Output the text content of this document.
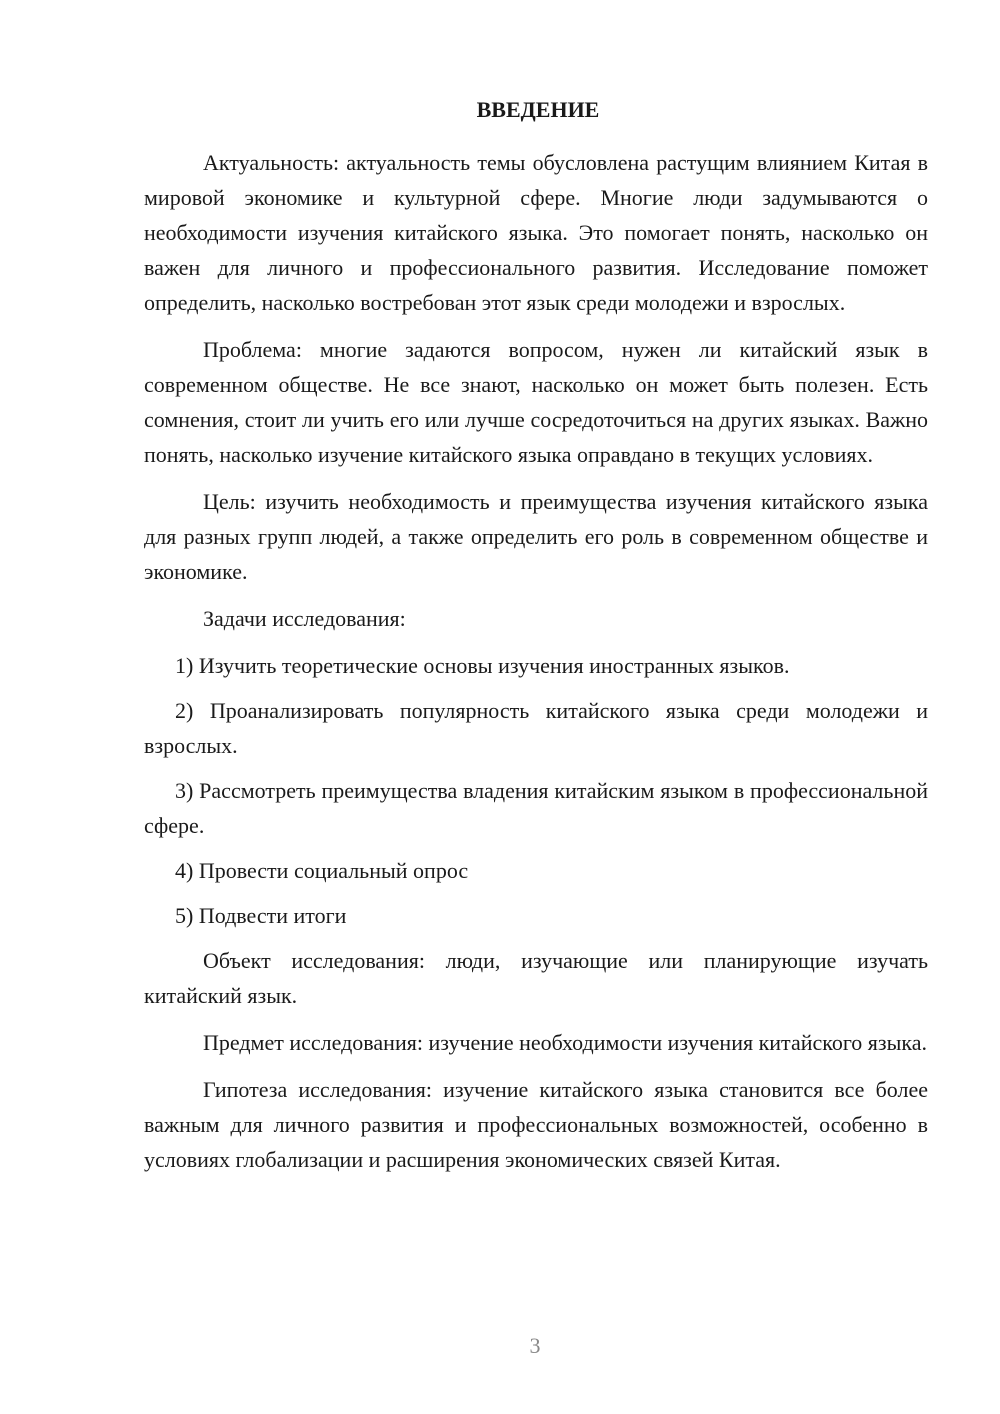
ВВЕДЕНИЕ

Актуальность: актуальность темы обусловлена растущим влиянием Китая в мировой экономике и культурной сфере. Многие люди задумываются о необходимости изучения китайского языка. Это помогает понять, насколько он важен для личного и профессионального развития. Исследование поможет определить, насколько востребован этот язык среди молодежи и взрослых.

Проблема: многие задаются вопросом, нужен ли китайский язык в современном обществе. Не все знают, насколько он может быть полезен. Есть сомнения, стоит ли учить его или лучше сосредоточиться на других языках. Важно понять, насколько изучение китайского языка оправдано в текущих условиях.

Цель: изучить необходимость и преимущества изучения китайского языка для разных групп людей, а также определить его роль в современном обществе и экономике.

Задачи исследования:

1) Изучить теоретические основы изучения иностранных языков.

2) Проанализировать популярность китайского языка среди молодежи и взрослых.

3) Рассмотреть преимущества владения китайским языком в профессиональной сфере.

4) Провести социальный опрос

5) Подвести итоги

Объект исследования: люди, изучающие или планирующие изучать китайский язык.

Предмет исследования: изучение необходимости изучения китайского языка.

Гипотеза исследования: изучение китайского языка становится все более важным для личного развития и профессиональных возможностей, особенно в условиях глобализации и расширения экономических связей Китая.

3
